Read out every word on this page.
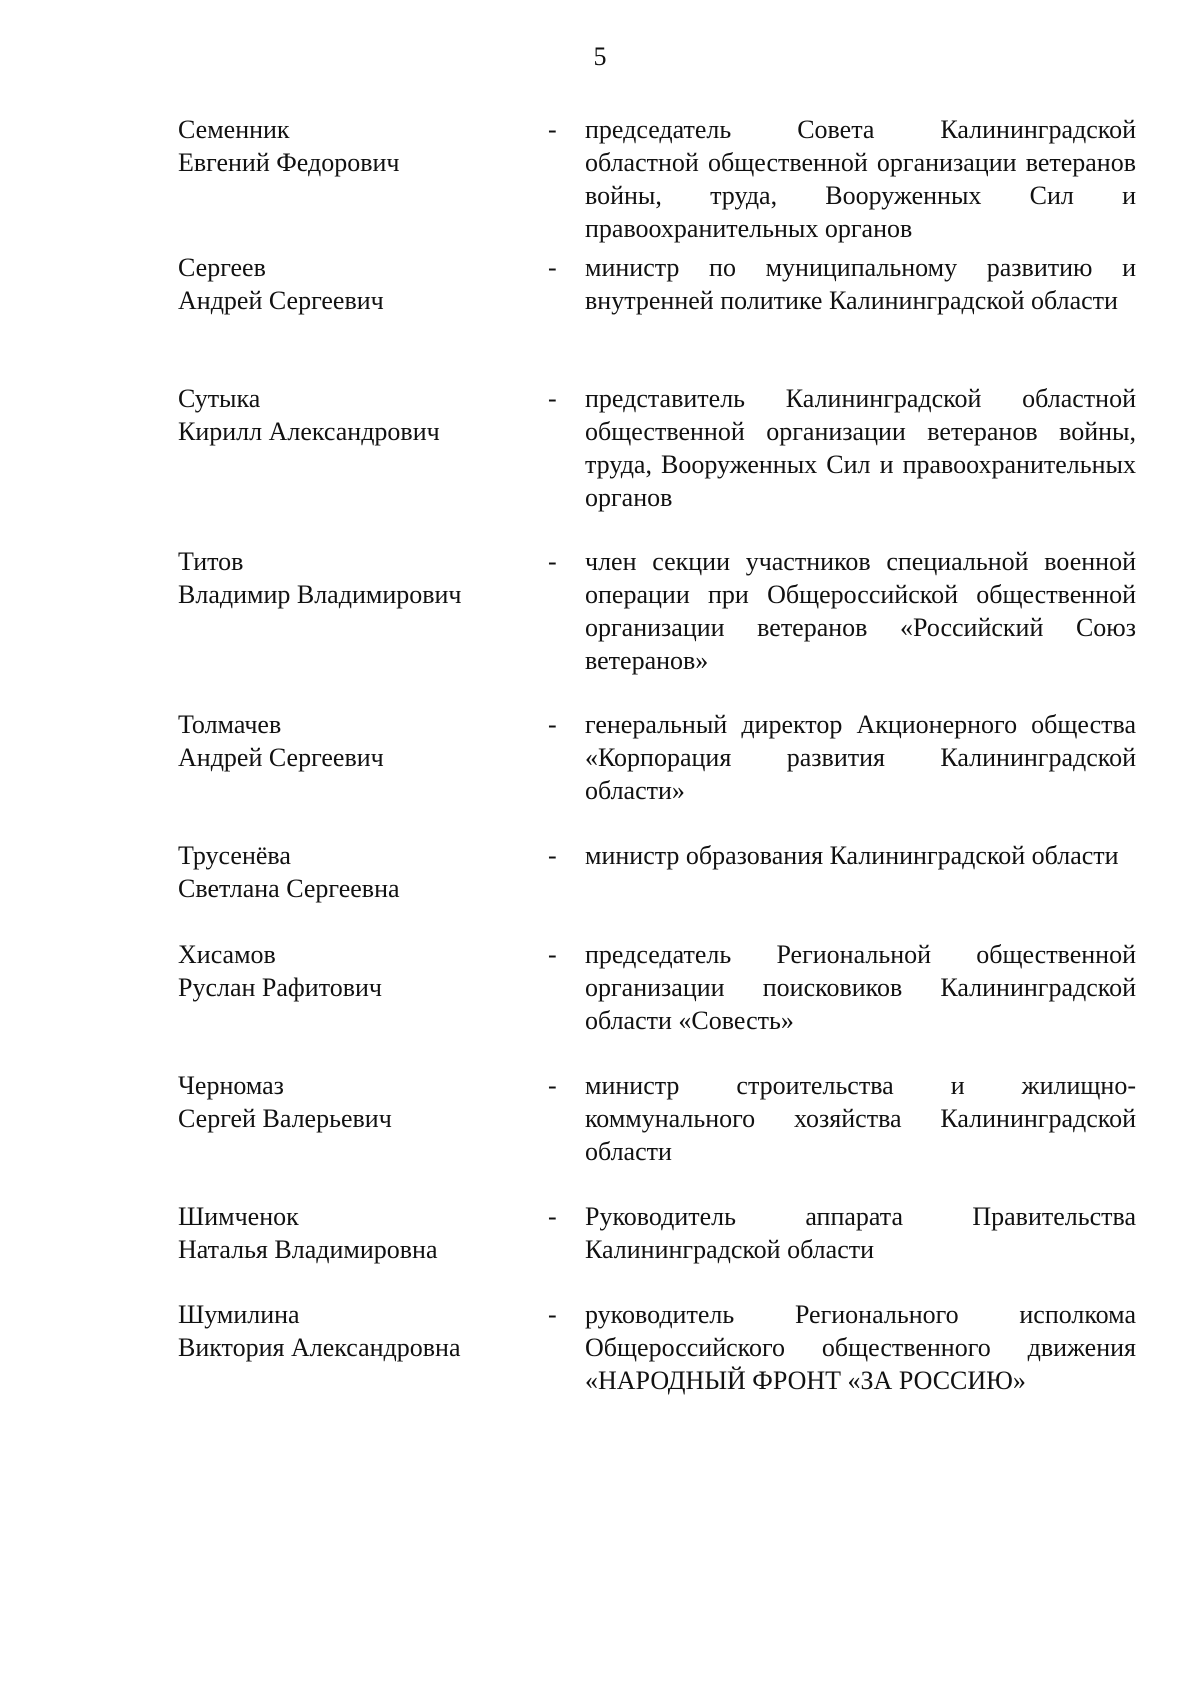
5
Семенник
Евгений Федорович
- председатель Совета Калининградской областной общественной организации ветеранов войны, труда, Вооруженных Сил и правоохранительных органов
Сергеев
Андрей Сергеевич
- министр по муниципальному развитию и внутренней политике Калининградской области
Сутыка
Кирилл Александрович
- представитель Калининградской областной общественной организации ветеранов войны, труда, Вооруженных Сил и правоохранительных органов
Титов
Владимир Владимирович
- член секции участников специальной военной операции при Общероссийской общественной организации ветеранов «Российский Союз ветеранов»
Толмачев
Андрей Сергеевич
- генеральный директор Акционерного общества «Корпорация развития Калининградской области»
Трусенёва
Светлана Сергеевна
- министр образования Калининградской области
Хисамов
Руслан Рафитович
- председатель Региональной общественной организации поисковиков Калининградской области «Совесть»
Черномаз
Сергей Валерьевич
- министр строительства и жилищно-коммунального хозяйства Калининградской области
Шимченок
Наталья Владимировна
- Руководитель аппарата Правительства Калининградской области
Шумилина
Виктория Александровна
- руководитель Регионального исполкома Общероссийского общественного движения «НАРОДНЫЙ ФРОНТ «ЗА РОССИЮ»
